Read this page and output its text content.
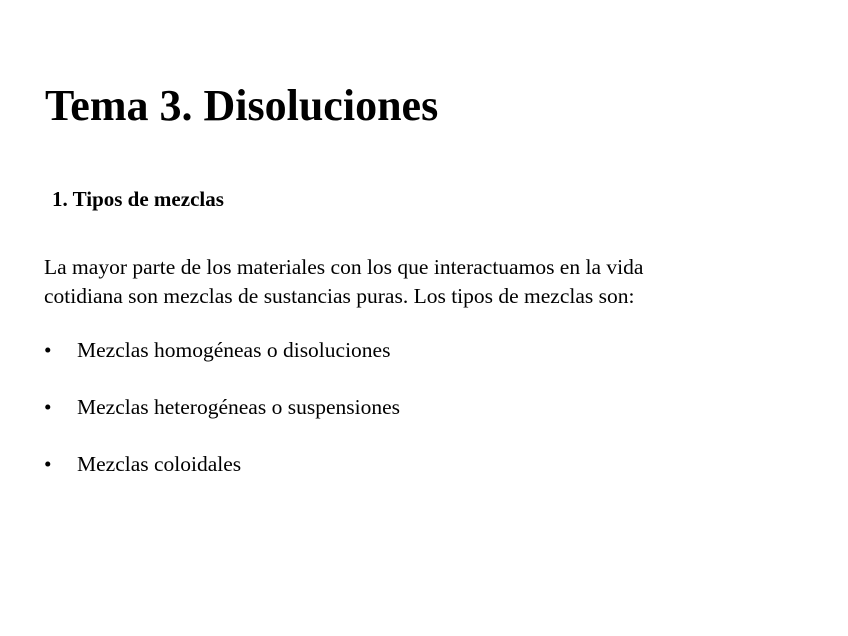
Tema 3. Disoluciones
1. Tipos de mezclas

La mayor parte de los materiales con los que interactuamos en la vida
cotidiana son mezclas de sustancias puras. Los tipos de mezclas son:

• Mezclas homogéneas o disoluciones
• Mezclas heterogéneas o suspensiones
• Mezclas coloidales
